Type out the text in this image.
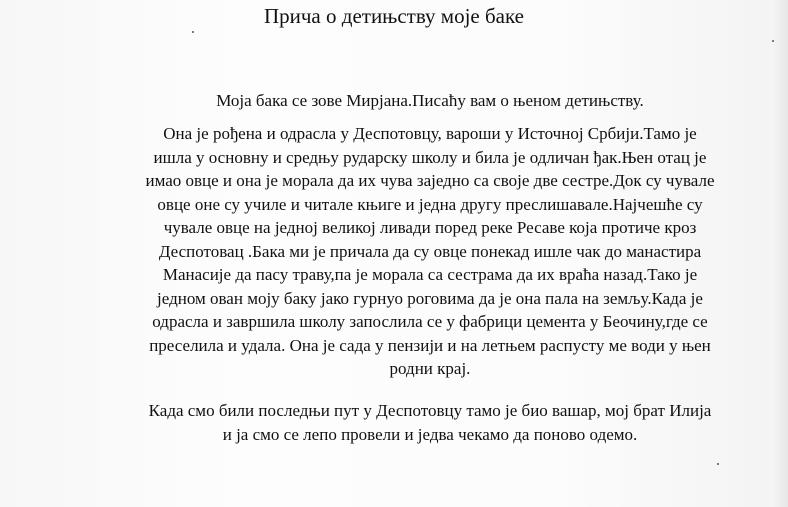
Прича о детињству моје баке

Моја бака се зове Мирјана.Писаћу вам о њеном детињству.

Она је рођена и одрасла у Деспотовцу, вароши у Источној Србији.Тамо је
ишла у основну и средњу рударску школу и била је одличан ђак.Њен отац је
имао овце и она је морала да их чува заједно са своје две сестре.Док су чувале
овце оне су училе и читале књиге и једна другу преслишавале.Најчешће су
чувале овце на једној великој ливади поред реке Ресаве која протиче кроз
Деспотовац .Бака ми је причала да су овце понекад ишле чак до манастира
Манасије да пасу траву,па је морала са сестрама да их враћа назад.Тако је
једном ован моју баку јако гурнуо роговима да је она пала на земљу.Када је
одрасла и завршила школу запослила се у фабрици цемента у Беочину,где се
преселила и удала. Она је сада у пензији и на летњем распусту ме води у њен
родни крај.

Када смо били последњи пут у Деспотовцу тамо је био вашар, мој брат Илија
и ја смо се лепо провели и једва чекамо да поново одемо.
